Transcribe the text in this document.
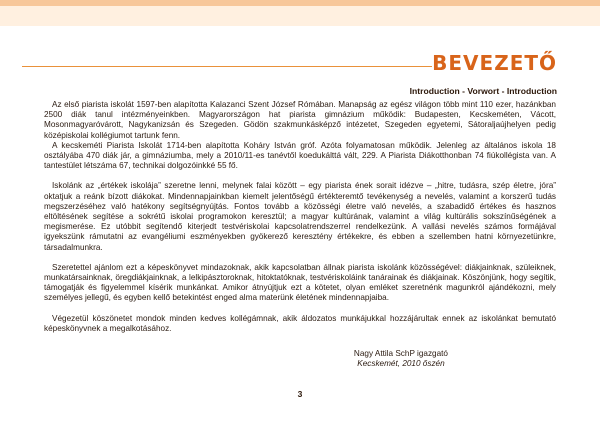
BEVEZETŐ
Introduction - Vorwort - Introduction

Az első piarista iskolát 1597-ben alapította Kalazanci Szent József Rómában. Manapság az egész világon több mint 110 ezer, hazánkban 2500 diák tanul intézményeinkben. Magyarországon hat piarista gimnázium működik: Budapesten, Kecskeméten, Vácott, Mosonmagyaróvárott, Nagykanizsán és Szegeden. Gödön szakmunkásképző intézetet, Szegeden egyetemi, Sátoraljaújhelyen pedig középiskolai kollégiumot tartunk fenn.

A kecskeméti Piarista Iskolát 1714-ben alapította Koháry István gróf. Azóta folyamatosan működik. Jelenleg az általános iskola 18 osztályába 470 diák jár, a gimnáziumba, mely a 2010/11-es tanévtől koedukálttá vált, 229. A Piarista Diákotthonban 74 fiúkollégista van. A tantestület létszáma 67, technikai dolgozóinkké 55 fő.

Iskolánk az „értékek iskolája” szeretne lenni, melynek falai között – egy piarista ének sorait idézve – „hitre, tudásra, szép életre, jóra” oktatjuk a reánk bízott diákokat. Mindennapjainkban kiemelt jelentőségű értékteremtő tevékenység a nevelés, valamint a korszerű tudás megszerzéséhez való hatékony segítségnyújtás. Fontos tovább a közösségi életre való nevelés, a szabadidő értékes és hasznos eltöltésének segítése a sokrétű iskolai programokon keresztül; a magyar kultúrának, valamint a világ kultúrális sokszínűségének a megismerése. Ez utóbbit segítendő kiterjedt testvériskolai kapcsolatrendszerrel rendelkezünk. A vallási nevelés számos formájával igyekszünk rámutatni az evangéliumi eszményekben gyökerező keresztény értékekre, és ebben a szellemben hatni környezetünkre, társadalmunkra.

Szeretettel ajánlom ezt a képeskönyvet mindazoknak, akik kapcsolatban állnak piarista iskolánk közösségével: diákjainknak, szüleiknek, munkatársainknak, öregdiákjainknak, a lelkipásztoroknak, hitoktatóknak, testvériskoláink tanárainak és diákjainak. Köszönjünk, hogy segítik, támogatják és figyelemmel kísérik munkánkat. Amikor átnyújtjuk ezt a kötetet, olyan emléket szeretnénk magunkról ajándékozni, mely személyes jellegű, és egyben kellő betekintést enged alma materünk életének mindennapjaiba.

Végezetül köszönetet mondok minden kedves kollégámnak, akik áldozatos munkájukkal hozzájárultak ennek az iskolánkat bemutató képeskönyvnek a megalkotásához.

Nagy Attila SchP igazgató
Kecskemét, 2010 őszén
3
